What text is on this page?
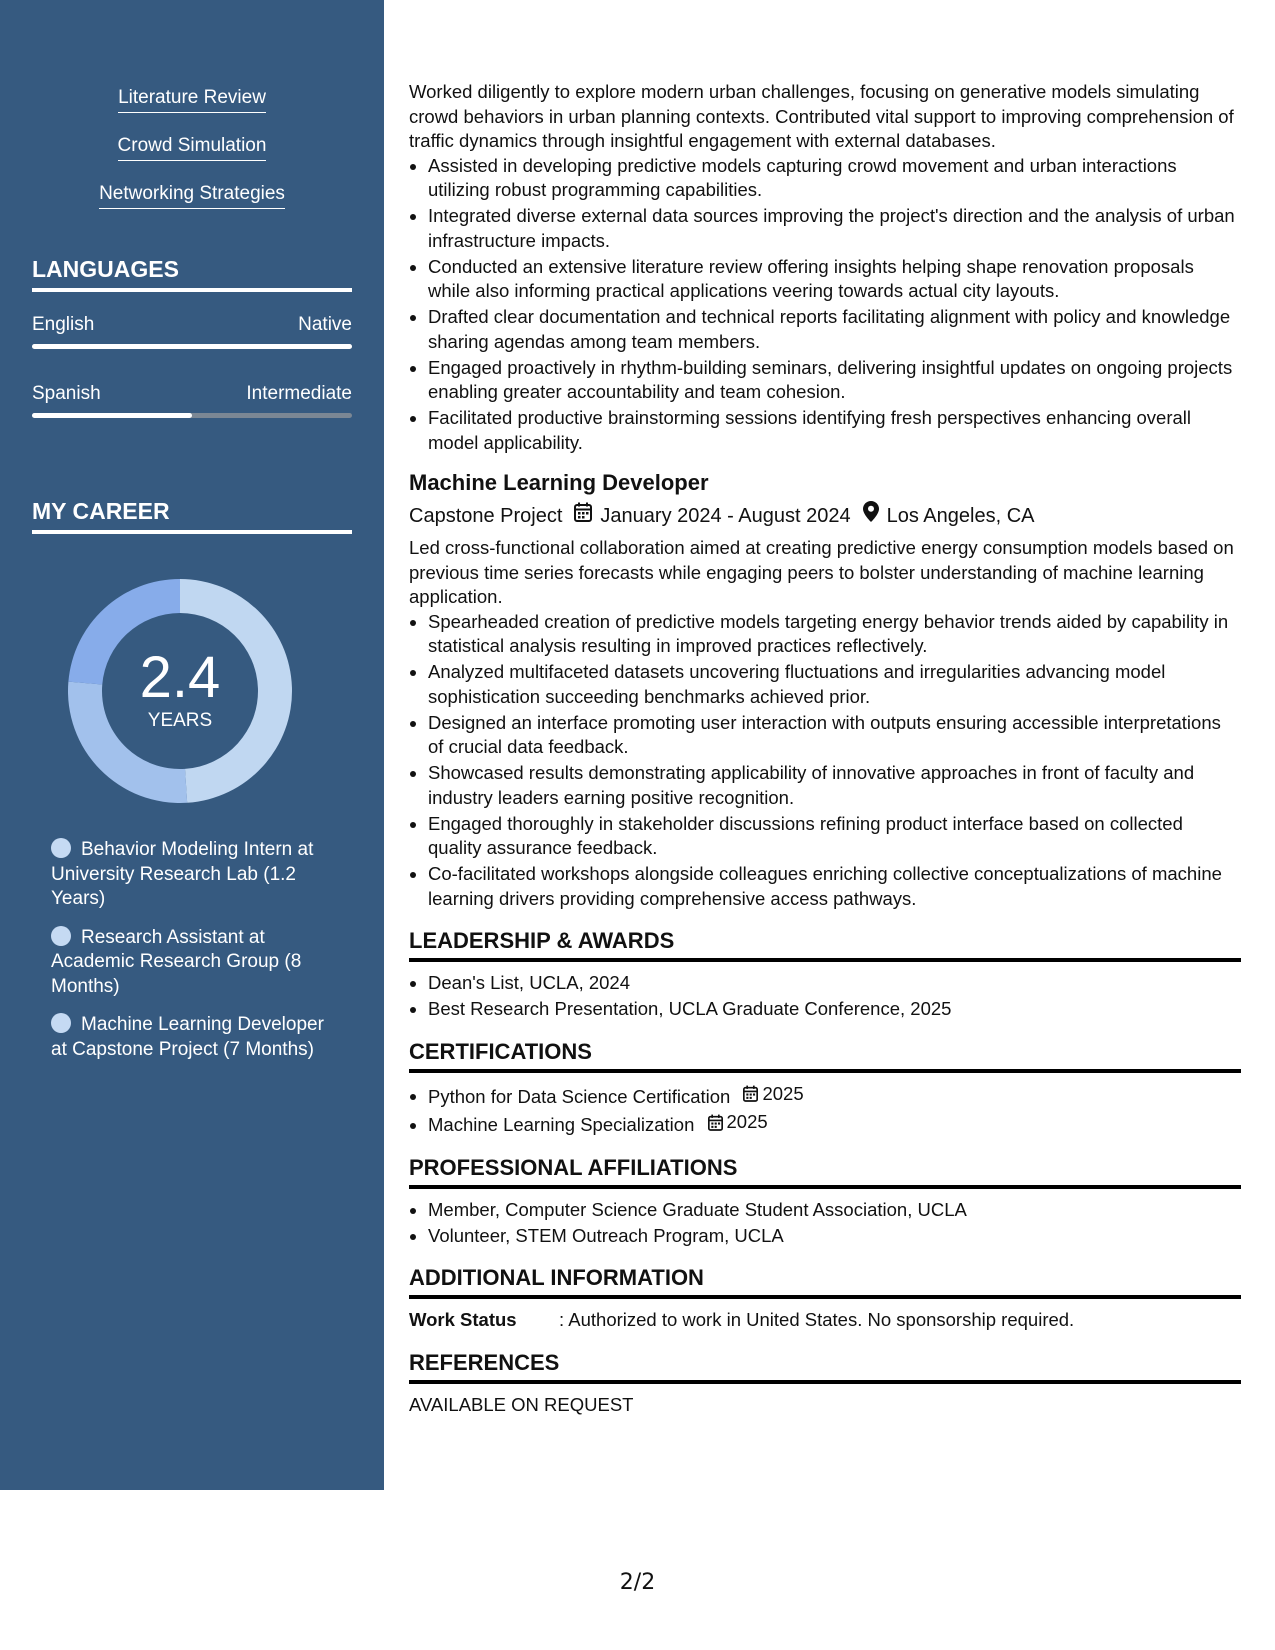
Literature Review
Crowd Simulation
Networking Strategies
LANGUAGES
English	Native
Spanish	Intermediate
MY CAREER
2.4
YEARS
Behavior Modeling Intern at University Research Lab (1.2 Years)
Research Assistant at Academic Research Group (8 Months)
Machine Learning Developer at Capstone Project (7 Months)

Worked diligently to explore modern urban challenges, focusing on generative models simulating crowd behaviors in urban planning contexts. Contributed vital support to improving comprehension of traffic dynamics through insightful engagement with external databases.

• Assisted in developing predictive models capturing crowd movement and urban interactions utilizing robust programming capabilities.
• Integrated diverse external data sources improving the project's direction and the analysis of urban infrastructure impacts.
• Conducted an extensive literature review offering insights helping shape renovation proposals while also informing practical applications veering towards actual city layouts.
• Drafted clear documentation and technical reports facilitating alignment with policy and knowledge sharing agendas among team members.
• Engaged proactively in rhythm-building seminars, delivering insightful updates on ongoing projects enabling greater accountability and team cohesion.
• Facilitated productive brainstorming sessions identifying fresh perspectives enhancing overall model applicability.
Machine Learning Developer
Capstone Project January 2024 - August 2024 Los Angeles, CA

Led cross-functional collaboration aimed at creating predictive energy consumption models based on previous time series forecasts while engaging peers to bolster understanding of machine learning application.

• Spearheaded creation of predictive models targeting energy behavior trends aided by capability in statistical analysis resulting in improved practices reflectively.
• Analyzed multifaceted datasets uncovering fluctuations and irregularities advancing model sophistication succeeding benchmarks achieved prior.
• Designed an interface promoting user interaction with outputs ensuring accessible interpretations of crucial data feedback.
• Showcased results demonstrating applicability of innovative approaches in front of faculty and industry leaders earning positive recognition.
• Engaged thoroughly in stakeholder discussions refining product interface based on collected quality assurance feedback.
• Co-facilitated workshops alongside colleagues enriching collective conceptualizations of machine learning drivers providing comprehensive access pathways.
LEADERSHIP & AWARDS
• Dean's List, UCLA, 2024
• Best Research Presentation, UCLA Graduate Conference, 2025
CERTIFICATIONS
• Python for Data Science Certification 2025
• Machine Learning Specialization 2025
PROFESSIONAL AFFILIATIONS
• Member, Computer Science Graduate Student Association, UCLA
• Volunteer, STEM Outreach Program, UCLA
ADDITIONAL INFORMATION
Work Status	: Authorized to work in United States. No sponsorship required.
REFERENCES

AVAILABLE ON REQUEST

2/2
